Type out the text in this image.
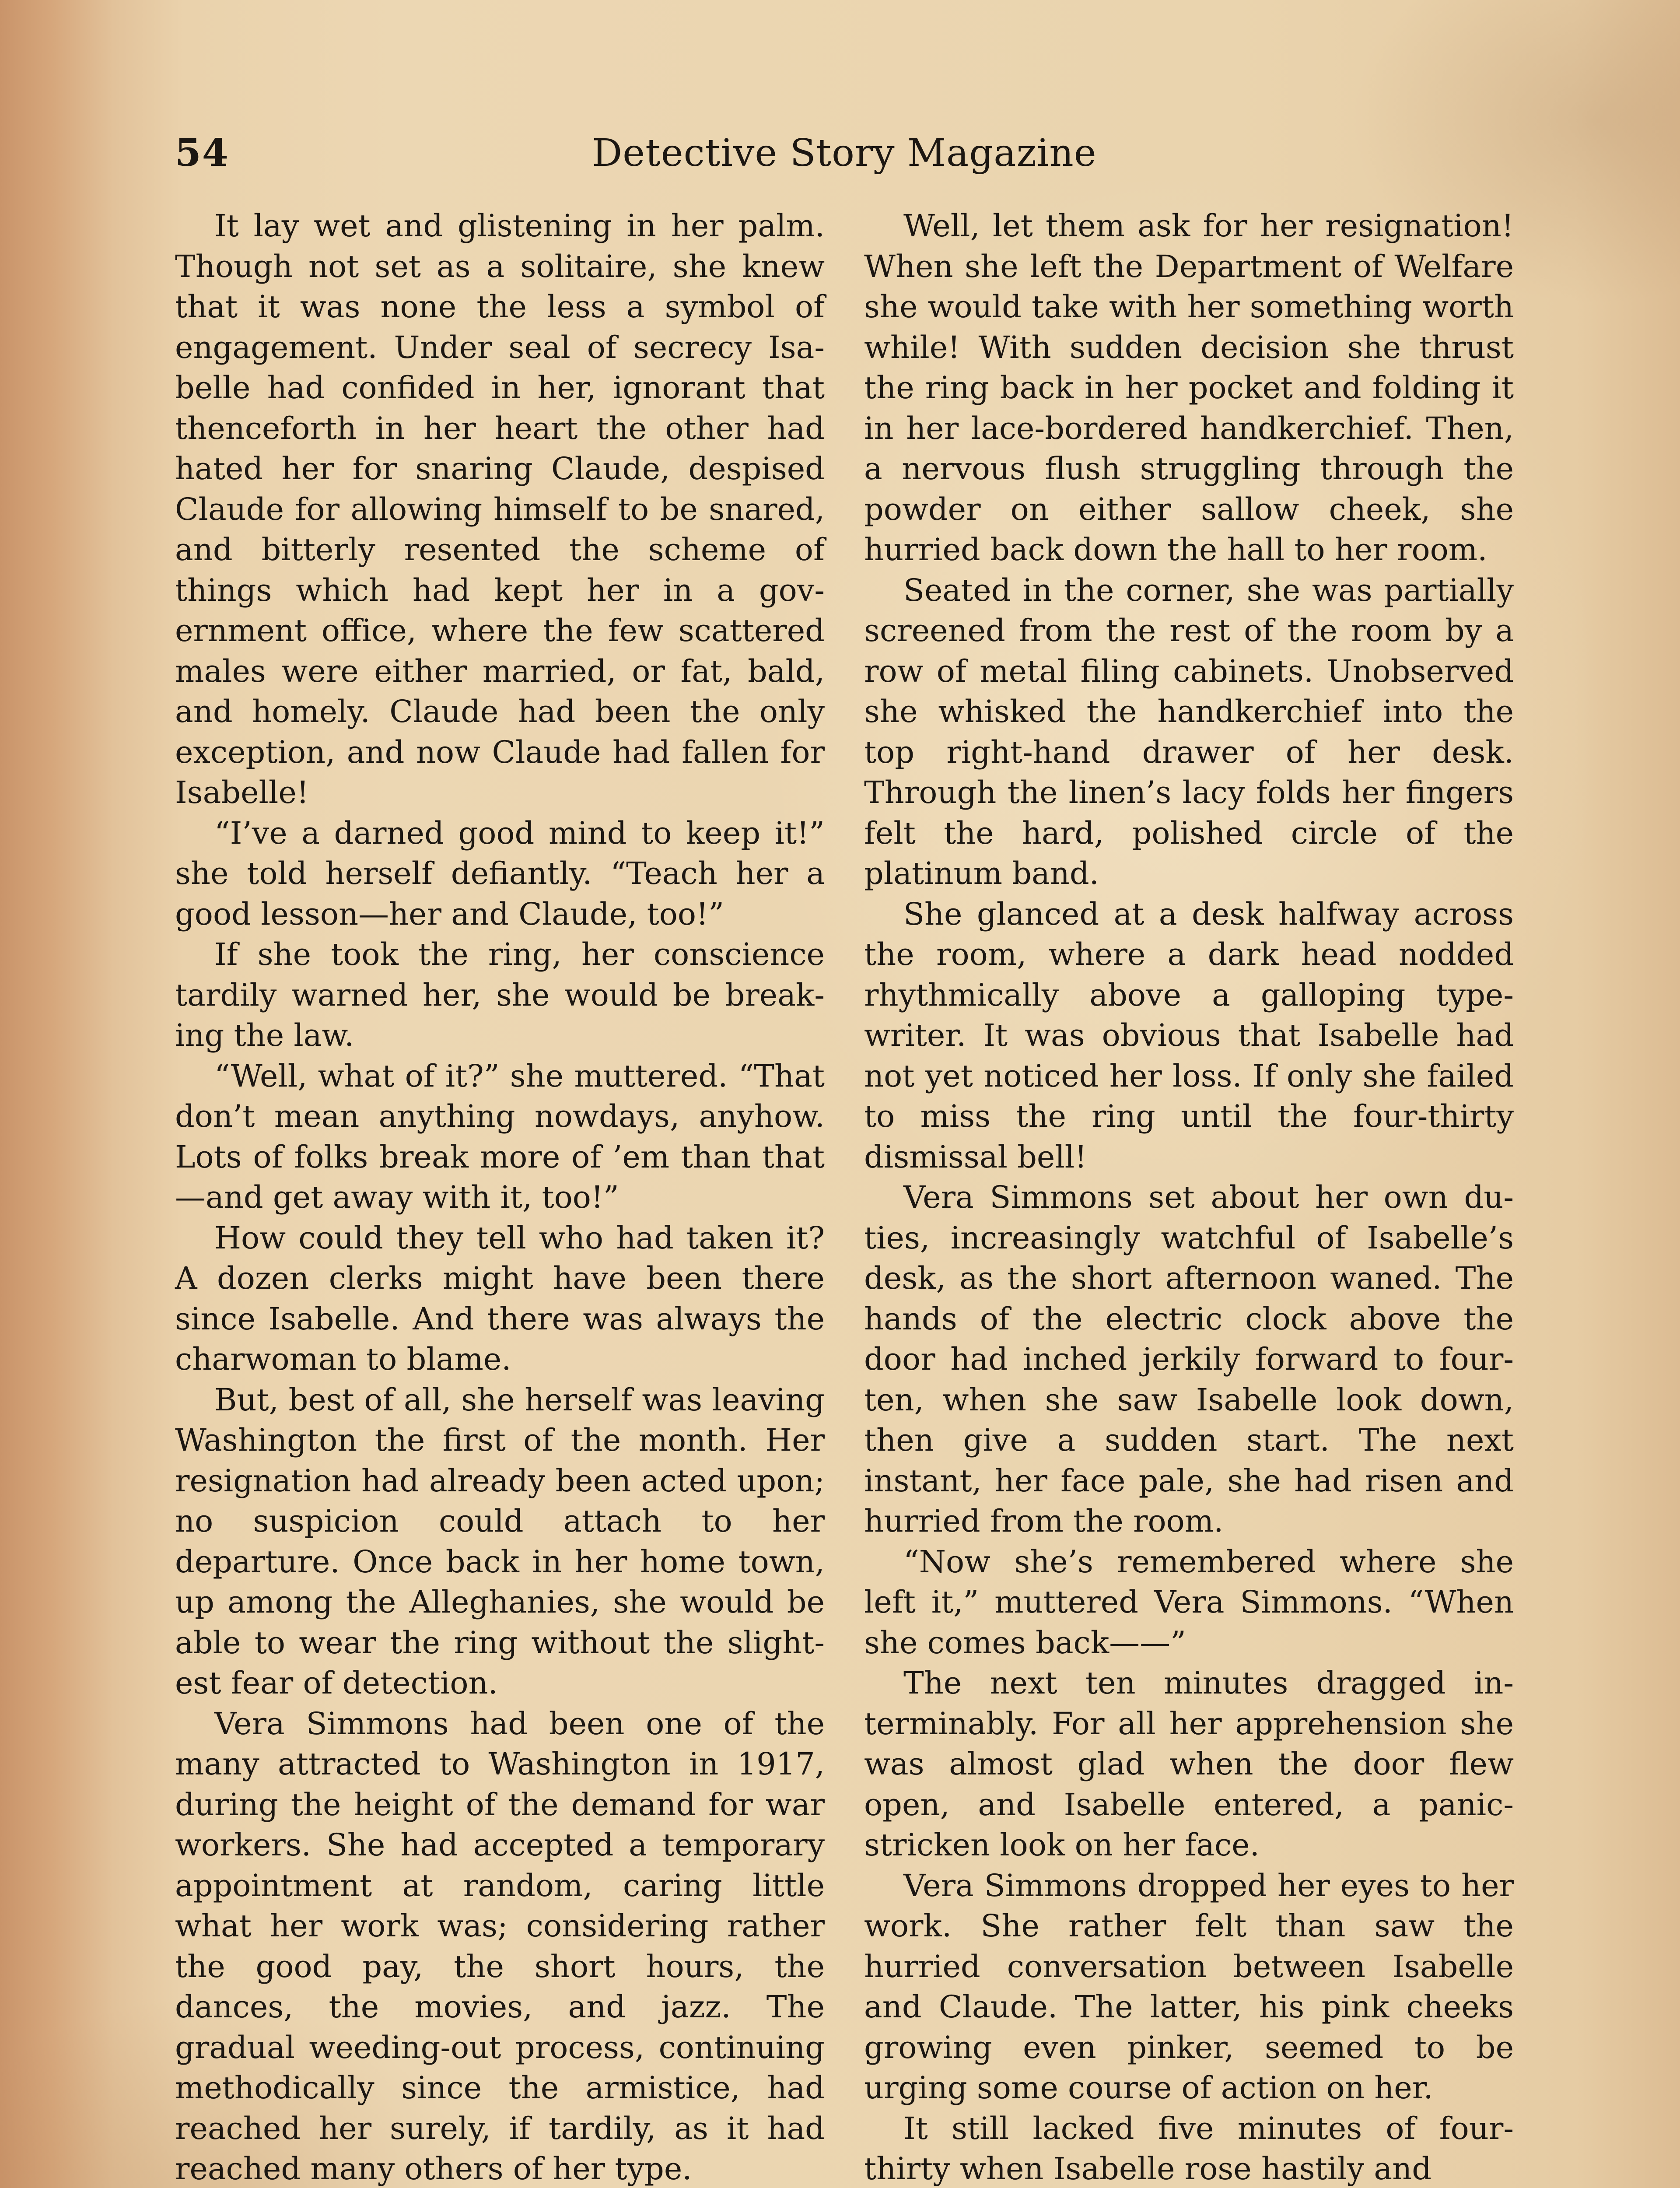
54	Detective Story Magazine

It lay wet and glistening in her palm. Though not set as a solitaire, she knew that it was none the less a symbol of engagement. Under seal of secrecy Isabelle had confided in her, ignorant that thenceforth in her heart the other had hated her for snaring Claude, despised Claude for allowing himself to be snared, and bitterly resented the scheme of things which had kept her in a government office, where the few scattered males were either married, or fat, bald, and homely. Claude had been the only exception, and now Claude had fallen for Isabelle!

“I’ve a darned good mind to keep it!” she told herself defiantly. “Teach her a good lesson—her and Claude, too!”

If she took the ring, her conscience tardily warned her, she would be breaking the law.

“Well, what of it?” she muttered. “That don’t mean anything nowdays, anyhow. Lots of folks break more of ’em than that—and get away with it, too!”

How could they tell who had taken it? A dozen clerks might have been there since Isabelle. And there was always the charwoman to blame.

But, best of all, she herself was leaving Washington the first of the month. Her resignation had already been acted upon; no suspicion could attach to her departure. Once back in her home town, up among the Alleghanies, she would be able to wear the ring without the slightest fear of detection.

Vera Simmons had been one of the many attracted to Washington in 1917, during the height of the demand for war workers. She had accepted a temporary appointment at random, caring little what her work was; considering rather the good pay, the short hours, the dances, the movies, and jazz. The gradual weeding-out process, continuing methodically since the armistice, had reached her surely, if tardily, as it had reached many others of her type.

Well, let them ask for her resignation! When she left the Department of Welfare she would take with her something worth while! With sudden decision she thrust the ring back in her pocket and folding it in her lace-bordered handkerchief. Then, a nervous flush struggling through the powder on either sallow cheek, she hurried back down the hall to her room.

Seated in the corner, she was partially screened from the rest of the room by a row of metal filing cabinets. Unobserved she whisked the handkerchief into the top right-hand drawer of her desk. Through the linen’s lacy folds her fingers felt the hard, polished circle of the platinum band.

She glanced at a desk halfway across the room, where a dark head nodded rhythmically above a galloping typewriter. It was obvious that Isabelle had not yet noticed her loss. If only she failed to miss the ring until the four-thirty dismissal bell!

Vera Simmons set about her own duties, increasingly watchful of Isabelle’s desk, as the short afternoon waned. The hands of the electric clock above the door had inched jerkily forward to four-ten, when she saw Isabelle look down, then give a sudden start. The next instant, her face pale, she had risen and hurried from the room.

“Now she’s remembered where she left it,” muttered Vera Simmons. “When she comes back——”

The next ten minutes dragged interminably. For all her apprehension she was almost glad when the door flew open, and Isabelle entered, a panic-stricken look on her face.

Vera Simmons dropped her eyes to her work. She rather felt than saw the hurried conversation between Isabelle and Claude. The latter, his pink cheeks growing even pinker, seemed to be urging some course of action on her.

It still lacked five minutes of four-thirty when Isabelle rose hastily and
